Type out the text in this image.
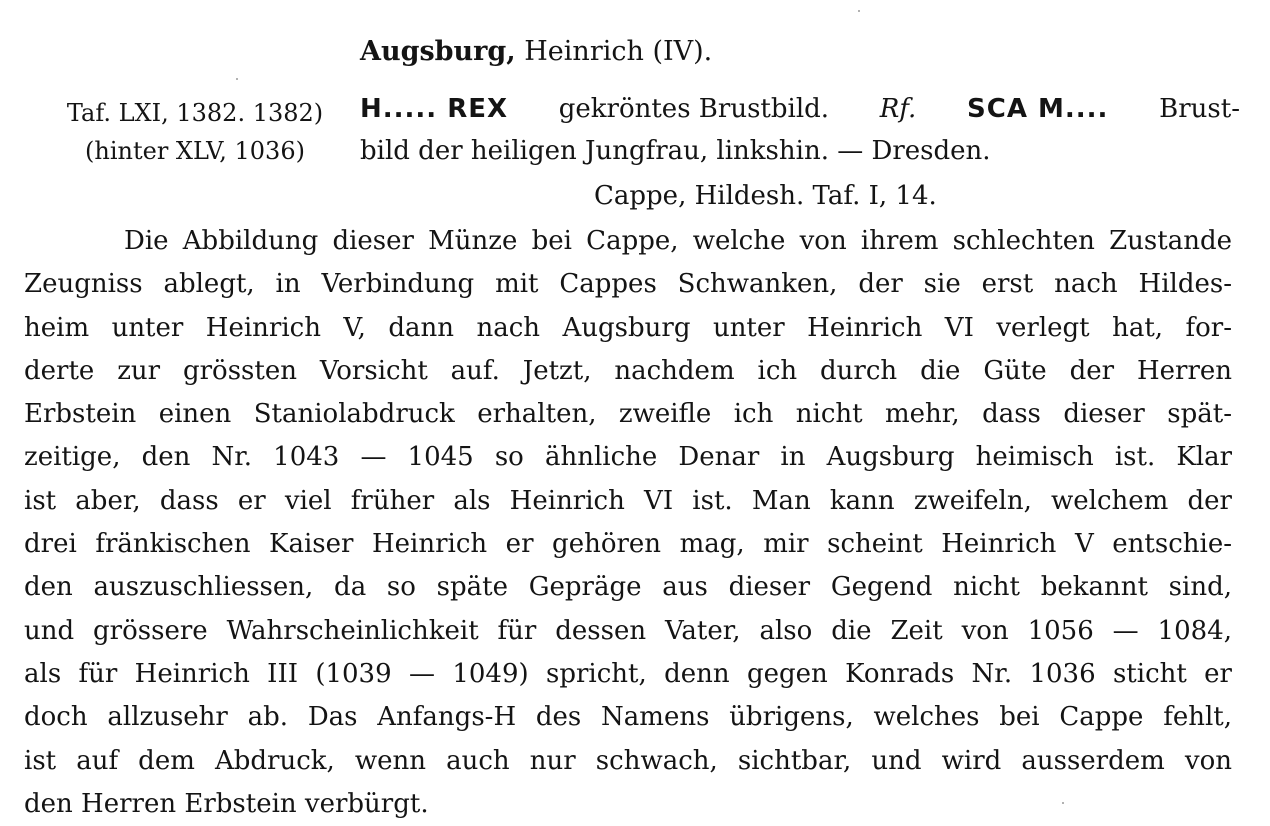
Augsburg, Heinrich (IV).
Taf. LXI, 1382. 1382)
(hinter XLV, 1036)
H..... REX gekröntes Brustbild. Rf. SCA M.... Brust-
bild der heiligen Jungfrau, linkshin. — Dresden.
Cappe, Hildesh. Taf. I, 14.
Die Abbildung dieser Münze bei Cappe, welche von ihrem schlechten Zustande
Zeugniss ablegt, in Verbindung mit Cappes Schwanken, der sie erst nach Hildes-
heim unter Heinrich V, dann nach Augsburg unter Heinrich VI verlegt hat, for-
derte zur grössten Vorsicht auf. Jetzt, nachdem ich durch die Güte der Herren
Erbstein einen Staniolabdruck erhalten, zweifle ich nicht mehr, dass dieser spät-
zeitige, den Nr. 1043 — 1045 so ähnliche Denar in Augsburg heimisch ist. Klar
ist aber, dass er viel früher als Heinrich VI ist. Man kann zweifeln, welchem der
drei fränkischen Kaiser Heinrich er gehören mag, mir scheint Heinrich V entschie-
den auszuschliessen, da so späte Gepräge aus dieser Gegend nicht bekannt sind,
und grössere Wahrscheinlichkeit für dessen Vater, also die Zeit von 1056 — 1084,
als für Heinrich III (1039 — 1049) spricht, denn gegen Konrads Nr. 1036 sticht er
doch allzusehr ab. Das Anfangs-H des Namens übrigens, welches bei Cappe fehlt,
ist auf dem Abdruck, wenn auch nur schwach, sichtbar, und wird ausserdem von
den Herren Erbstein verbürgt.
